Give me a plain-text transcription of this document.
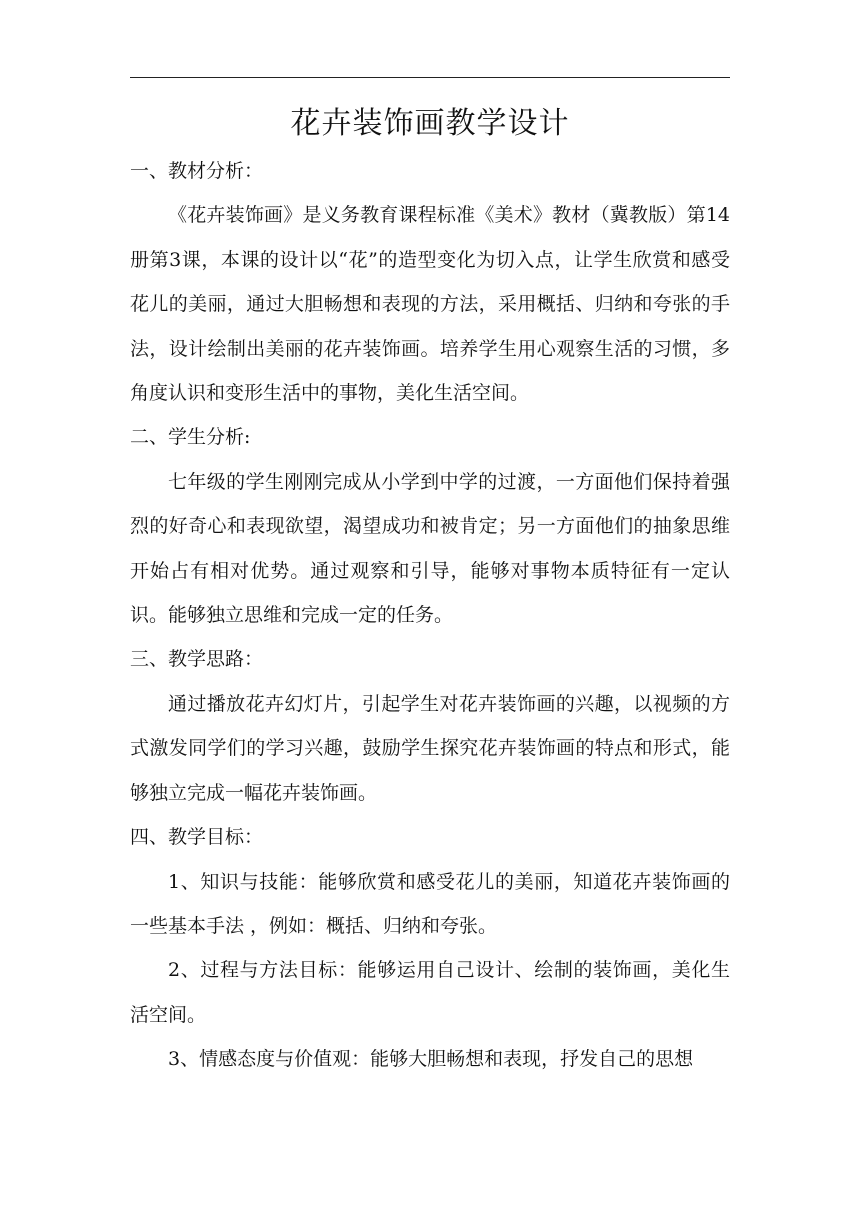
花卉装饰画教学设计

一、教材分析：

《花卉装饰画》是义务教育课程标准《美术》教材（冀教版）第14册第3课，本课的设计以“花”的造型变化为切入点，让学生欣赏和感受花儿的美丽，通过大胆畅想和表现的方法，采用概括、归纳和夸张的手法，设计绘制出美丽的花卉装饰画。培养学生用心观察生活的习惯，多角度认识和变形生活中的事物，美化生活空间。

二、学生分析:

七年级的学生刚刚完成从小学到中学的过渡，一方面他们保持着强烈的好奇心和表现欲望，渴望成功和被肯定；另一方面他们的抽象思维开始占有相对优势。通过观察和引导，能够对事物本质特征有一定认识。能够独立思维和完成一定的任务。

三、教学思路：

通过播放花卉幻灯片，引起学生对花卉装饰画的兴趣，以视频的方式激发同学们的学习兴趣，鼓励学生探究花卉装饰画的特点和形式，能够独立完成一幅花卉装饰画。

四、教学目标：

1、知识与技能：能够欣赏和感受花儿的美丽，知道花卉装饰画的一些基本手法 ，例如：概括、归纳和夸张。

2、过程与方法目标：能够运用自己设计、绘制的装饰画，美化生活空间。

3、情感态度与价值观：能够大胆畅想和表现，抒发自己的思想
